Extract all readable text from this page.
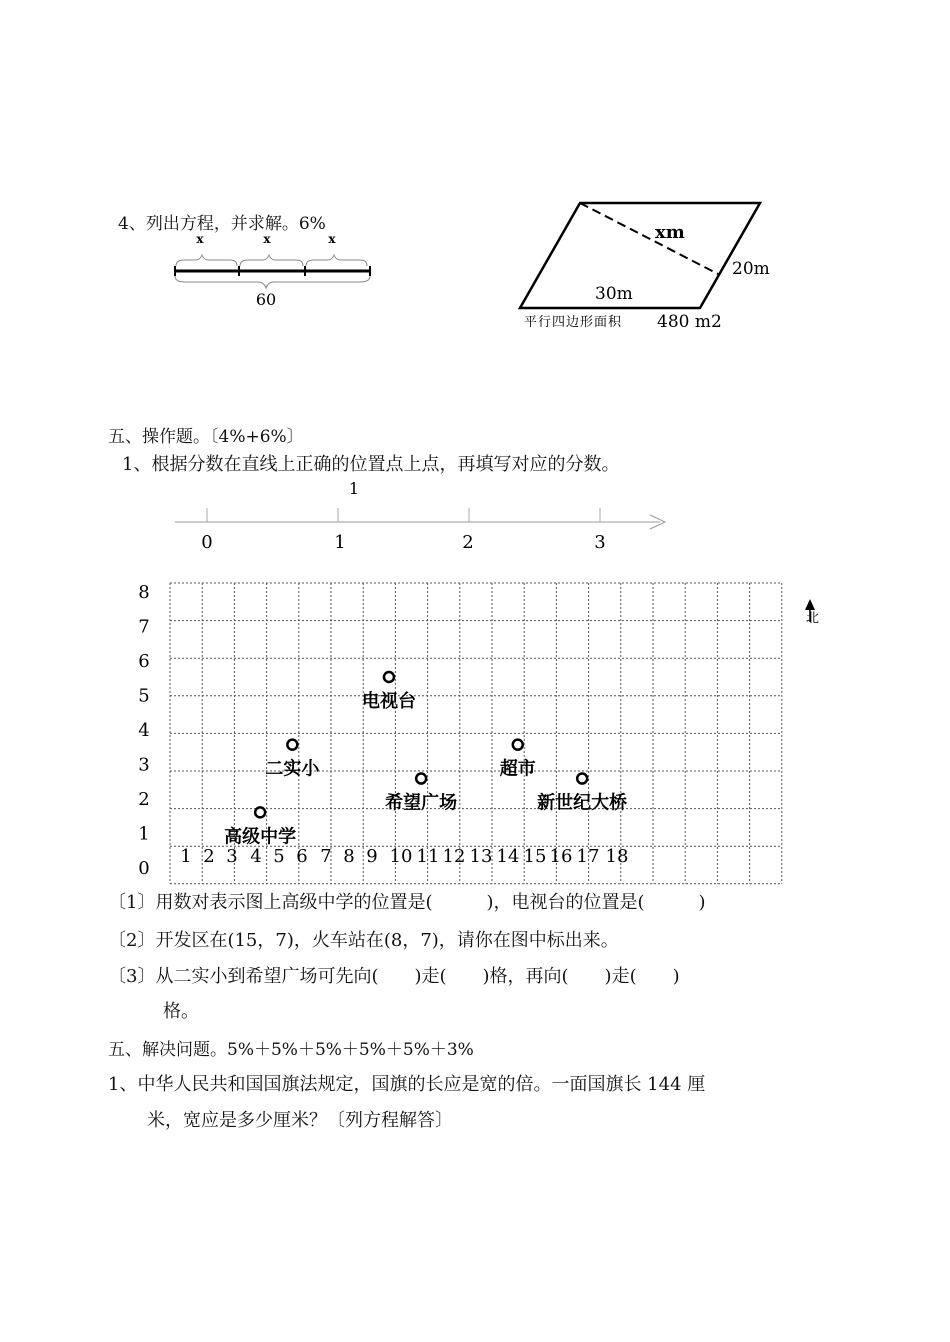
4、列出方程，并求解。6%
x	x	x
60
xm
20m
30m
平行四边形面积 480 m2
五、操作题。〔4%+6%〕
1、根据分数在直线上正确的位置点上点，再填写对应的分数。
1
0	1	2	3
8
7
6
5
4
3
2
1
0
1 2 3 4 5 6 7 8 9 10 11 12 13 14 15 16 17 18
电视台
二实小
希望广场
超市
新世纪大桥
高级中学
北
〔1〕用数对表示图上高级中学的位置是(　　　)，电视台的位置是(　　　)
〔2〕开发区在(15，7)，火车站在(8，7)，请你在图中标出来。
〔3〕从二实小到希望广场可先向(　　)走(　　)格，再向(　　)走(　　)
格。
五、解决问题。5%＋5%＋5%＋5%＋5%＋3%
1、中华人民共和国国旗法规定，国旗的长应是宽的倍。一面国旗长 144 厘
米，宽应是多少厘米？〔列方程解答〕
